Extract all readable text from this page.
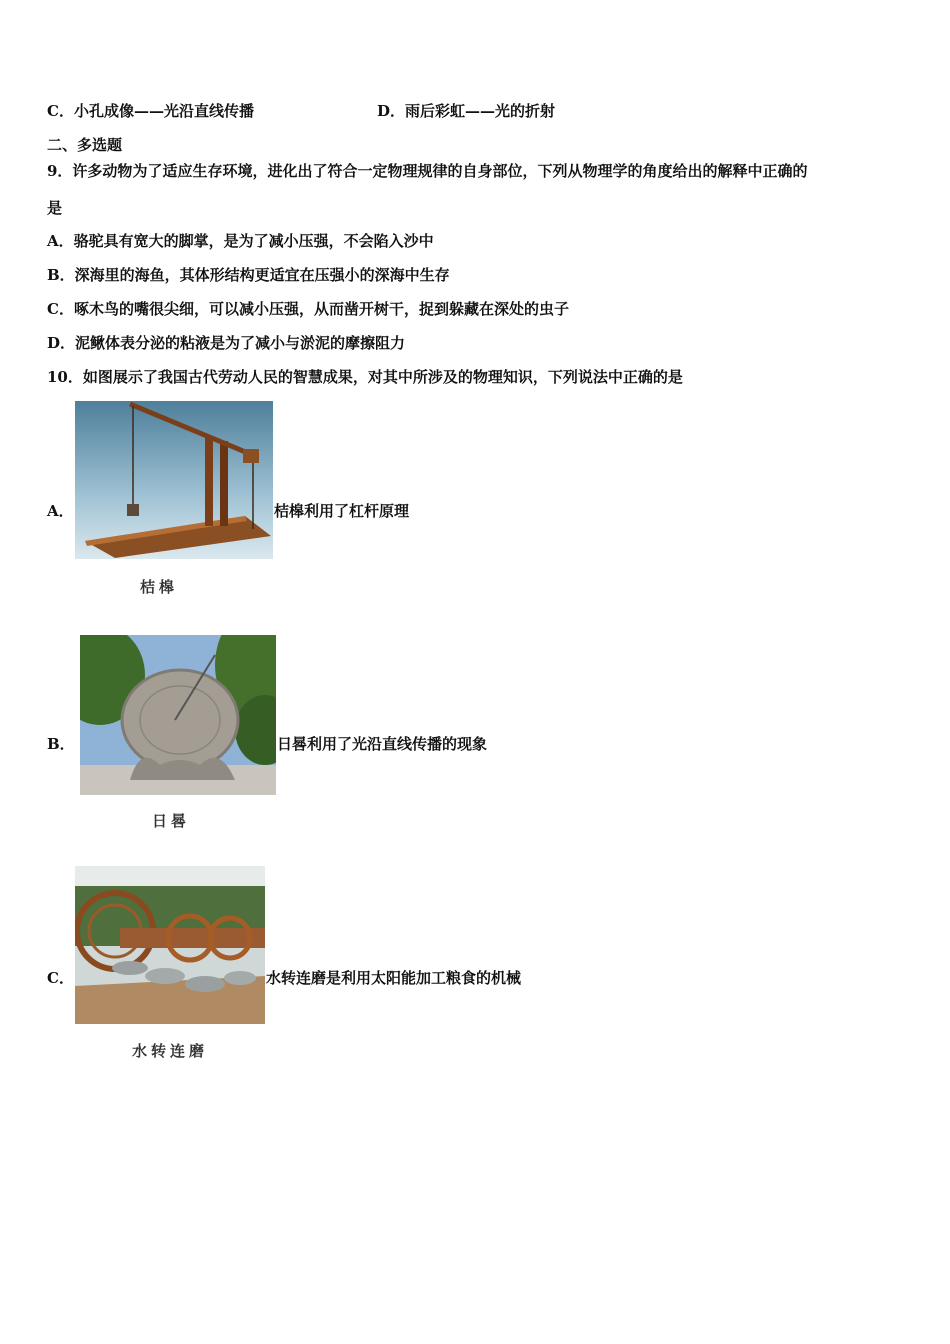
C．小孔成像——光沿直线传播	D．雨后彩虹——光的折射
二、多选题
9．许多动物为了适应生存环境，进化出了符合一定物理规律的自身部位，下列从物理学的角度给出的解释中正确的
是
A．骆驼具有宽大的脚掌，是为了减小压强，不会陷入沙中
B．深海里的海鱼，其体形结构更适宜在压强小的深海中生存
C．啄木鸟的嘴很尖细，可以减小压强，从而凿开树干，捉到躲藏在深处的虫子
D．泥鳅体表分泌的粘液是为了减小与淤泥的摩擦阻力
10．如图展示了我国古代劳动人民的智慧成果，对其中所涉及的物理知识，下列说法中正确的是
A．	桔槔利用了杠杆原理
桔槔
B．	日晷利用了光沿直线传播的现象
日晷
C．	水转连磨是利用太阳能加工粮食的机械
水转连磨
